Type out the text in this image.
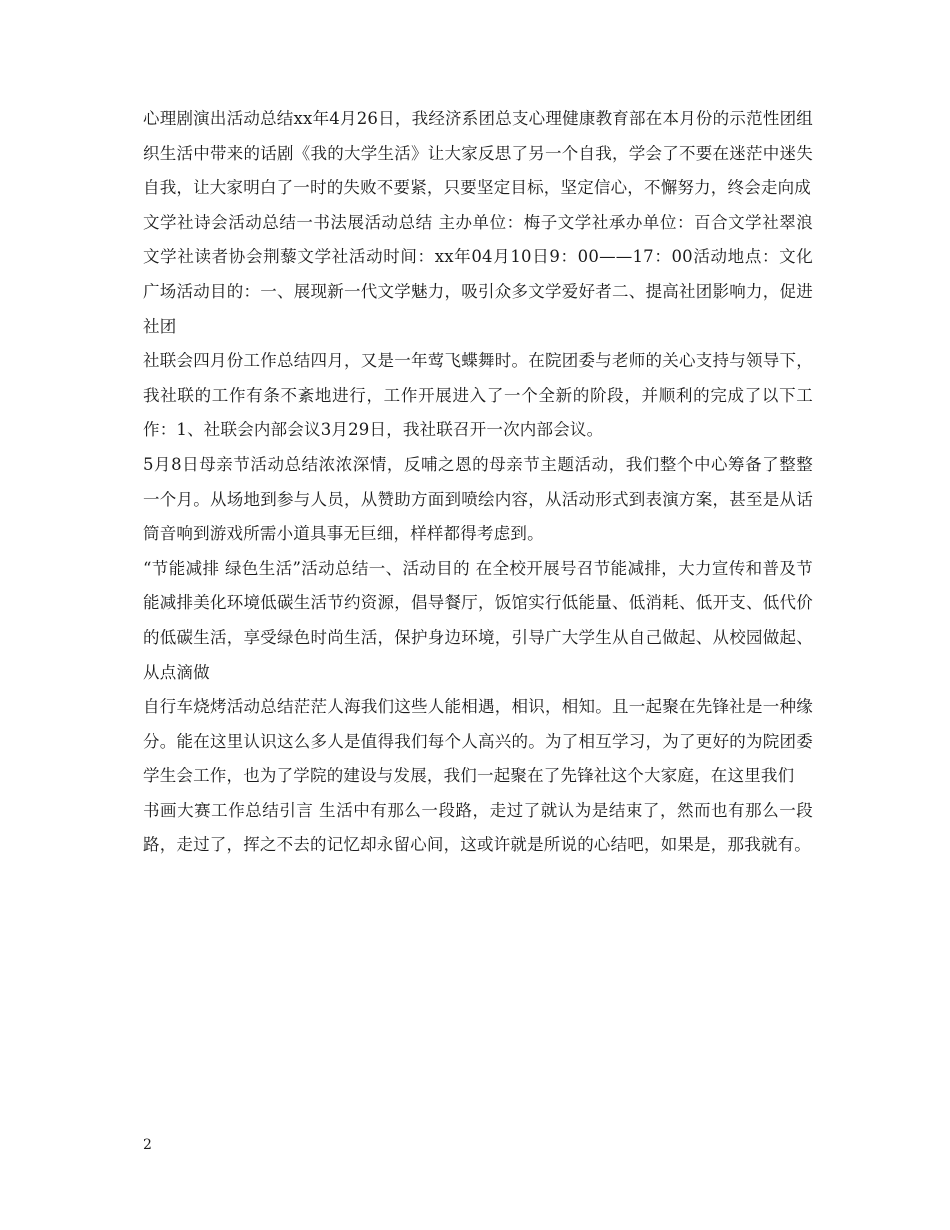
心理剧演出活动总结xx年4月26日，我经济系团总支心理健康教育部在本月份的示范性团组织生活中带来的话剧《我的大学生活》让大家反思了另一个自我，学会了不要在迷茫中迷失自我，让大家明白了一时的失败不要紧，只要坚定目标，坚定信心，不懈努力，终会走向成

文学社诗会活动总结一书法展活动总结 主办单位：梅子文学社承办单位：百合文学社翠浪文学社读者协会荆藜文学社活动时间：xx年04月10日9：00——17：00活动地点：文化广场活动目的：一、展现新一代文学魅力，吸引众多文学爱好者二、提高社团影响力，促进社团

社联会四月份工作总结四月，又是一年莺飞蝶舞时。在院团委与老师的关心支持与领导下，我社联的工作有条不紊地进行，工作开展进入了一个全新的阶段，并顺利的完成了以下工作：1、社联会内部会议3月29日，我社联召开一次内部会议。

5月8日母亲节活动总结浓浓深情，反哺之恩的母亲节主题活动，我们整个中心筹备了整整一个月。从场地到参与人员，从赞助方面到喷绘内容，从活动形式到表演方案，甚至是从话筒音响到游戏所需小道具事无巨细，样样都得考虑到。

“节能减排 绿色生活”活动总结一、活动目的 在全校开展号召节能减排，大力宣传和普及节能减排美化环境低碳生活节约资源，倡导餐厅，饭馆实行低能量、低消耗、低开支、低代价的低碳生活，享受绿色时尚生活，保护身边环境，引导广大学生从自己做起、从校园做起、从点滴做

自行车烧烤活动总结茫茫人海我们这些人能相遇，相识，相知。且一起聚在先锋社是一种缘分。能在这里认识这么多人是值得我们每个人高兴的。为了相互学习，为了更好的为院团委学生会工作，也为了学院的建设与发展，我们一起聚在了先锋社这个大家庭，在这里我们

书画大赛工作总结引言 生活中有那么一段路，走过了就认为是结束了，然而也有那么一段路，走过了，挥之不去的记忆却永留心间，这或许就是所说的心结吧，如果是，那我就有。

2
